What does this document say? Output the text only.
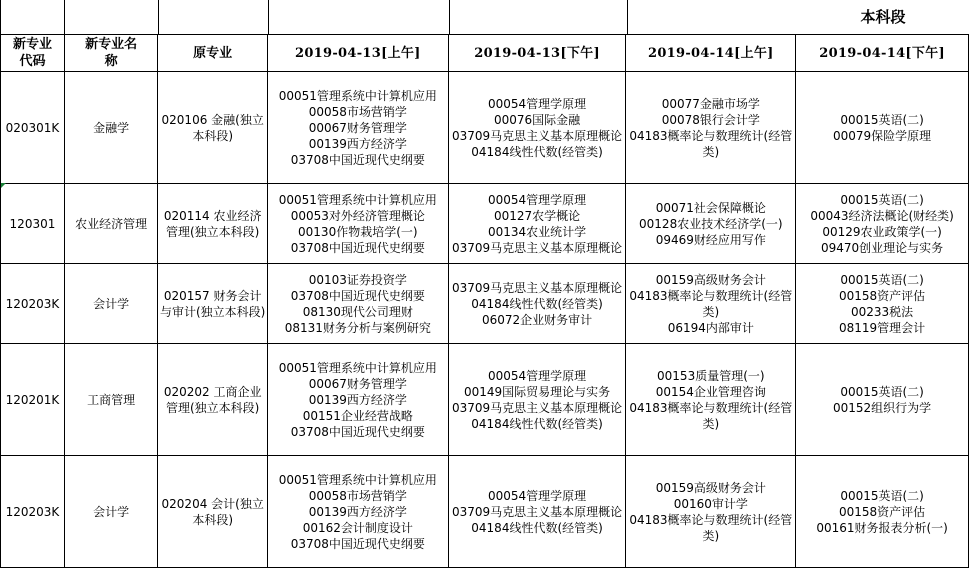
本科段
新专业代码	新专业名称	原专业	2019-04-13[上午]	2019-04-13[下午]	2019-04-14[上午]	2019-04-14[下午]
020301K	金融学	020106 金融(独立本科段)	00051管理系统中计算机应用
00058市场营销学
00067财务管理学
00139西方经济学
03708中国近现代史纲要	00054管理学原理
00076国际金融
03709马克思主义基本原理概论
04184线性代数(经管类)	00077金融市场学
00078银行会计学
04183概率论与数理统计(经管类)	00015英语(二)
00079保险学原理

120301	农业经济管理	020114 农业经济管理(独立本科段)	00051管理系统中计算机应用
00053对外经济管理概论
00130作物栽培学(一)
03708中国近现代史纲要	00054管理学原理
00127农学概论
00134农业统计学
03709马克思主义基本原理概论	00071社会保障概论
00128农业技术经济学(一)
09469财经应用写作	00015英语(二)
00043经济法概论(财经类)
00129农业政策学(一)
09470创业理论与实务

120203K	会计学	020157 财务会计与审计(独立本科段)	00103证券投资学
03708中国近现代史纲要
08130现代公司理财
08131财务分析与案例研究	03709马克思主义基本原理概论
04184线性代数(经管类)
06072企业财务审计	00159高级财务会计
04183概率论与数理统计(经管类)
06194内部审计	00015英语(二)
00158资产评估
00233税法
08119管理会计

120201K	工商管理	020202 工商企业管理(独立本科段)	00051管理系统中计算机应用
00067财务管理学
00139西方经济学
00151企业经营战略
03708中国近现代史纲要	00054管理学原理
00149国际贸易理论与实务
03709马克思主义基本原理概论
04184线性代数(经管类)	00153质量管理(一)
00154企业管理咨询
04183概率论与数理统计(经管类)	00015英语(二)
00152组织行为学

120203K	会计学	020204 会计(独立本科段)	00051管理系统中计算机应用
00058市场营销学
00139西方经济学
00162会计制度设计
03708中国近现代史纲要	00054管理学原理
03709马克思主义基本原理概论
04184线性代数(经管类)	00159高级财务会计
00160审计学
04183概率论与数理统计(经管类)	00015英语(二)
00158资产评估
00161财务报表分析(一)
